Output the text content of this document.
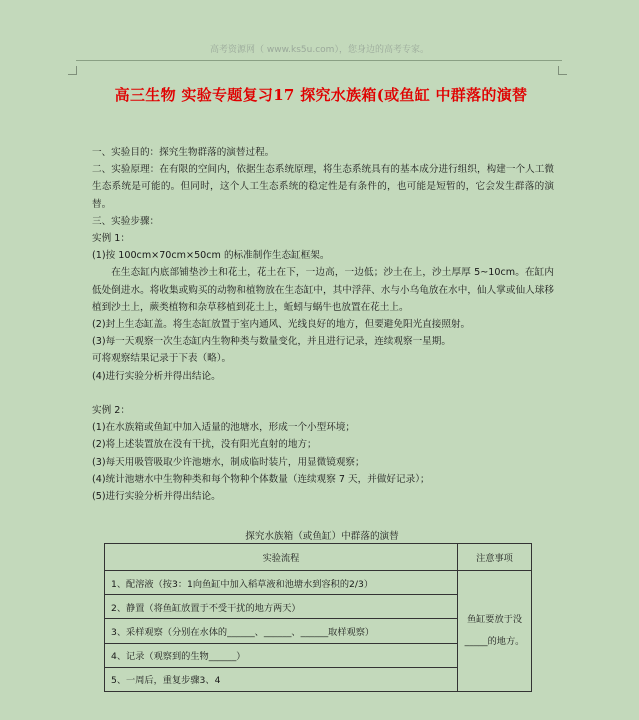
高考资源网（ www.ks5u.com），您身边的高考专家。
高三生物 实验专题复习17 探究水族箱(或鱼缸 中群落的演替

一、实验目的：探究生物群落的演替过程。

二、实验原理：在有限的空间内，依据生态系统原理，将生态系统具有的基本成分进行组织，构建一个人工微生态系统是可能的。但同时，这个人工生态系统的稳定性是有条件的，也可能是短暂的，它会发生群落的演替。

三、实验步骤：

实例 1：

(1)按 100cm×70cm×50cm 的标准制作生态缸框架。

在生态缸内底部铺垫沙土和花土，花土在下，一边高，一边低；沙土在上，沙土厚厚 5~10cm。在缸内低处倒进水。将收集或购买的动物和植物放在生态缸中，其中浮萍、水与小乌龟放在水中，仙人掌或仙人球移植到沙土上，蕨类植物和杂草移植到花土上，蚯蚓与蜗牛也放置在花土上。

(2)封上生态缸盖。将生态缸放置于室内通风、光线良好的地方，但要避免阳光直接照射。

(3)每一天观察一次生态缸内生物种类与数量变化，并且进行记录，连续观察一星期。

可将观察结果记录于下表（略）。

(4)进行实验分析并得出结论。

实例 2：

(1)在水族箱或鱼缸中加入适量的池塘水，形成一个小型环境；

(2)将上述装置放在没有干扰，没有阳光直射的地方；

(3)每天用吸管吸取少许池塘水，制成临时装片，用显微镜观察；

(4)统计池塘水中生物种类和每个物种个体数量（连续观察 7 天，并做好记录）；

(5)进行实验分析并得出结论。

探究水族箱（或鱼缸）中群落的演替
实验流程	注意事项
1、配溶液（按3：1向鱼缸中加入稻草液和池塘水到容积的2/3）	鱼缸要放于没_____的地方。
2、静置（将鱼缸放置于不受干扰的地方两天）	
3、采样观察（分别在水体的______、______、______取样观察）	
4、记录（观察到的生物______）	
5、一周后，重复步骤3、4	
